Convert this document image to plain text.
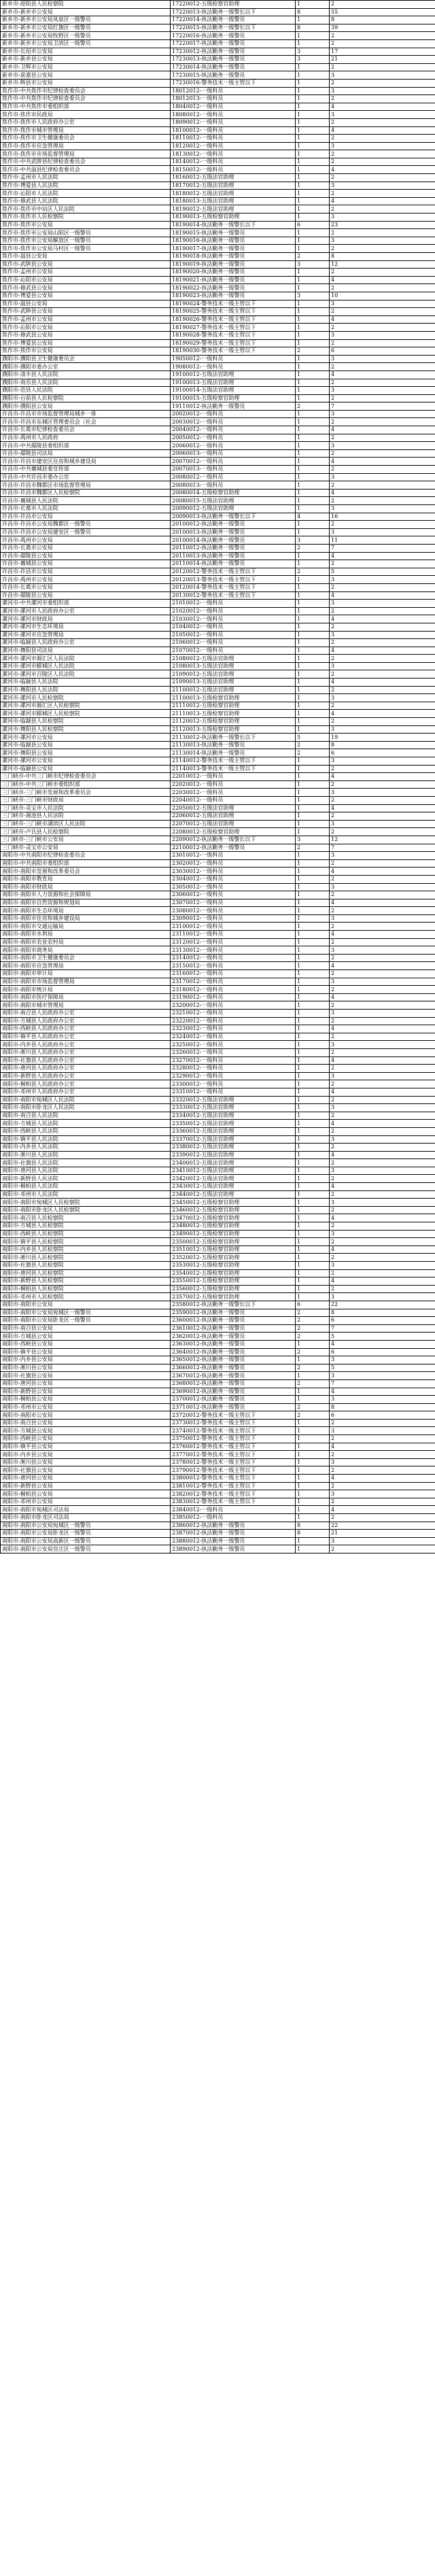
新乡市-原阳县人民检察院	17220012-五级检察官助理	1	2
新乡市-新乡市公安局	17220013-执法勤务一级警长以下	8	55
新乡市-新乡市公安局凤泉区一级警员	17220014-执法勤务一级警员	1	8
新乡市-新乡市公安局红旗区一级警员	17220015-执法勤务一级警长以下	8	39
新乡市-新乡市公安局牧野区一级警员	17220016-执法勤务一级警员	1	2
新乡市-新乡市公安局卫滨区一级警员	17220017-执法勤务一级警员	1	2
新乡市-长垣市公安局	17230012-执法勤务一级警员	3	17
新乡市-新乡县公安局	17230013-执法勤务一级警员	3	21
新乡市-卫辉市公安局	17230014-执法勤务一级警员	1	2
新乡市-获嘉县公安局	17230015-执法勤务一级警员	1	3
新乡市-辉县市公安局	17230016-警务技术一级主管以下	1	2
焦作市-中共焦作市纪律检查委员会	18012012-一级科员	1	3
焦作市-中共焦作市纪律检查委员会	18012013-一级科员	1	2
焦作市-中共焦作市委组织部	18040012-一级科员	1	4
焦作市-焦作市民政局	18080012-一级科员	1	3
焦作市-焦作市人民政府办公室	18090012-一级科员	1	2
焦作市-焦作市城市管理局	18100012-一级科员	1	4
焦作市-焦作市卫生健康委员会	18110012-一级科员	1	2
焦作市-焦作市应急管理局	18120012-一级科员	1	3
焦作市-焦作市市场监督管理局	18130012-一级科员	1	2
焦作市-中共武陟县纪律检查委员会	18140012-一级科员	1	2
焦作市-中共温县纪律检查委员会	18150012-一级科员	1	4
焦作市-孟州市人民法院	18160012-五级法官助理	1	2
焦作市-博爱县人民法院	18170012-五级法官助理	1	3
焦作市-沁阳市人民法院	18180012-五级法官助理	1	2
焦作市-修武县人民法院	18180013-五级法官助理	1	4
焦作市-焦作市中站区人民法院	18190012-五级法官助理	1	2
焦作市-焦作市人民检察院	18190013-五级检察官助理	1	3
焦作市-焦作市公安局	18190014-执法勤务一级警长以下	6	23
焦作市-焦作市公安局山阳区一级警员	18190015-执法勤务一级警员	1	2
焦作市-焦作市公安局解放区一级警员	18190016-执法勤务一级警员	1	3
焦作市-焦作市公安局马村区一级警员	18190017-执法勤务一级警员	1	2
焦作市-温县公安局	18190018-执法勤务一级警员	2	8
焦作市-武陟县公安局	18190019-执法勤务一级警员	3	12
焦作市-孟州市公安局	18190020-执法勤务一级警员	1	2
焦作市-沁阳市公安局	18190021-执法勤务一级警员	1	4
焦作市-修武县公安局	18190022-执法勤务一级警员	1	2
焦作市-博爱县公安局	18190023-执法勤务一级警员	3	10
焦作市-温县公安局	18190024-警务技术一级主管以下	1	3
焦作市-武陟县公安局	18190025-警务技术一级主管以下	1	2
焦作市-孟州市公安局	18190026-警务技术一级主管以下	1	4
焦作市-沁阳市公安局	18190027-警务技术一级主管以下	1	2
焦作市-修武县公安局	18190028-警务技术一级主管以下	1	3
焦作市-博爱县公安局	18190029-警务技术一级主管以下	1	2
焦作市-焦作市公安局	18190030-警务技术一级主管以下	2	6
濮阳市-濮阳县卫生健康委员会	19050012-一级科员	1	3
濮阳市-濮阳市委办公室	19080012-一级科员	1	2
濮阳市-清丰县人民法院	19100012-五级法官助理	1	4
濮阳市-南乐县人民法院	19100013-五级法官助理	1	2
濮阳市-范县人民法院	19100014-五级法官助理	1	3
濮阳市-台前县人民检察院	19100015-五级检察官助理	1	2
濮阳市-濮阳县公安局	19110012-执法勤务一级警员	2	7
许昌市-许昌市市场监督管理局城乡一体	20020012-一级科员	1	3
许昌市-许昌市东城区管理委员会（社会	20030012-一级科员	1	2
许昌市-长葛市纪律检查委员会	20040012-一级科员	1	4
许昌市-禹州市人民政府	20050012-一级科员	1	2
许昌市-中共鄢陵县委组织部	20060012-一级科员	1	3
许昌市-鄢陵县司法局	20060013-一级科员	1	2
许昌市-许昌市建安区住房和城乡建设局	20070012-一级科员	1	4
许昌市-中共襄城县委宣传部	20070013-一级科员	1	2
许昌市-中共许昌市委办公室	20080012-一级科员	1	3
许昌市-许昌市魏都区市场监督管理局	20080013-一级科员	1	2
许昌市-许昌市魏都区人民检察院	20080014-五级检察官助理	1	4
许昌市-襄城县人民法院	20080015-五级法官助理	1	2
许昌市-长葛市人民法院	20090012-五级法官助理	1	3
许昌市-许昌市公安局	20090013-执法勤务一级警长以下	4	16
许昌市-许昌市公安局魏都区一级警员	20100012-执法勤务一级警员	1	2
许昌市-许昌市公安局建安区一级警员	20100013-执法勤务一级警员	1	3
许昌市-禹州市公安局	20100014-执法勤务一级警员	3	11
许昌市-长葛市公安局	20110012-执法勤务一级警员	2	7
许昌市-鄢陵县公安局	20110013-执法勤务一级警员	1	4
许昌市-襄城县公安局	20110014-执法勤务一级警员	1	2
许昌市-许昌市公安局	20120012-警务技术一级主管以下	2	5
许昌市-禹州市公安局	20120013-警务技术一级主管以下	1	3
许昌市-长葛市公安局	20120014-警务技术一级主管以下	1	2
许昌市-鄢陵县公安局	20130012-警务技术一级主管以下	1	4
漯河市-中共漯河市委组织部	21010012-一级科员	1	3
漯河市-漯河市人民政府办公室	21020012-一级科员	1	2
漯河市-漯河市财政局	21030012-一级科员	1	4
漯河市-漯河市生态环境局	21040012-一级科员	1	2
漯河市-漯河市应急管理局	21050012-一级科员	1	3
漯河市-临颍县人民政府办公室	21060012-一级科员	1	2
漯河市-舞阳县司法局	21070012-一级科员	1	4
漯河市-漯河市源汇区人民法院	21080012-五级法官助理	1	2
漯河市-漯河市郾城区人民法院	21080013-五级法官助理	1	3
漯河市-漯河市召陵区人民法院	21090012-五级法官助理	1	2
漯河市-临颍县人民法院	21090013-五级法官助理	1	4
漯河市-舞阳县人民法院	21100012-五级法官助理	1	2
漯河市-漯河市人民检察院	21100013-五级检察官助理	1	3
漯河市-漯河市源汇区人民检察院	21110012-五级检察官助理	1	2
漯河市-漯河市郾城区人民检察院	21110013-五级检察官助理	1	4
漯河市-临颍县人民检察院	21120012-五级检察官助理	1	2
漯河市-舞阳县人民检察院	21120013-五级检察官助理	1	3
漯河市-漯河市公安局	21130012-执法勤务一级警长以下	5	19
漯河市-临颍县公安局	21130013-执法勤务一级警员	2	8
漯河市-舞阳县公安局	21130014-执法勤务一级警员	2	6
漯河市-漯河市公安局	21140012-警务技术一级主管以下	1	3
漯河市-临颍县公安局	21140013-警务技术一级主管以下	1	2
三门峡市-中共三门峡市纪律检查委员会	22010012-一级科员	1	4
三门峡市-中共三门峡市委组织部	22020012-一级科员	1	2
三门峡市-三门峡市发展和改革委员会	22030012-一级科员	1	3
三门峡市-三门峡市财政局	22040012-一级科员	1	2
三门峡市-灵宝市人民法院	22050012-五级法官助理	1	4
三门峡市-渑池县人民法院	22060012-五级法官助理	1	2
三门峡市-三门峡市湖滨区人民法院	22070012-五级法官助理	1	3
三门峡市-卢氏县人民检察院	22080012-五级检察官助理	1	2
三门峡市-三门峡市公安局	22090012-执法勤务一级警长以下	3	12
三门峡市-灵宝市公安局	22100012-执法勤务一级警员	2	7
南阳市-中共南阳市纪律检查委员会	23010012-一级科员	1	3
南阳市-中共南阳市委组织部	23020012-一级科员	1	2
南阳市-南阳市发展和改革委员会	23030012-一级科员	1	4
南阳市-南阳市教育局	23040012-一级科员	1	2
南阳市-南阳市财政局	23050012-一级科员	1	3
南阳市-南阳市人力资源和社会保障局	23060012-一级科员	1	2
南阳市-南阳市自然资源和规划局	23070012-一级科员	1	4
南阳市-南阳市生态环境局	23080012-一级科员	1	2
南阳市-南阳市住房和城乡建设局	23090012-一级科员	1	3
南阳市-南阳市交通运输局	23100012-一级科员	1	2
南阳市-南阳市水利局	23110012-一级科员	1	4
南阳市-南阳市农业农村局	23120012-一级科员	1	2
南阳市-南阳市商务局	23130012-一级科员	1	3
南阳市-南阳市卫生健康委员会	23140012-一级科员	1	2
南阳市-南阳市应急管理局	23150012-一级科员	1	4
南阳市-南阳市审计局	23160012-一级科员	1	2
南阳市-南阳市市场监督管理局	23170012-一级科员	1	3
南阳市-南阳市统计局	23180012-一级科员	1	2
南阳市-南阳市医疗保障局	23190012-一级科员	1	4
南阳市-南阳市城市管理局	23200012-一级科员	1	2
南阳市-南召县人民政府办公室	23210012-一级科员	1	3
南阳市-方城县人民政府办公室	23220012-一级科员	1	2
南阳市-西峡县人民政府办公室	23230012-一级科员	1	4
南阳市-镇平县人民政府办公室	23240012-一级科员	1	2
南阳市-内乡县人民政府办公室	23250012-一级科员	1	3
南阳市-淅川县人民政府办公室	23260012-一级科员	1	2
南阳市-社旗县人民政府办公室	23270012-一级科员	1	4
南阳市-唐河县人民政府办公室	23280012-一级科员	1	2
南阳市-新野县人民政府办公室	23290012-一级科员	1	3
南阳市-桐柏县人民政府办公室	23300012-一级科员	1	2
南阳市-邓州市人民政府办公室	23310012-一级科员	1	4
南阳市-南阳市宛城区人民法院	23320012-五级法官助理	1	2
南阳市-南阳市卧龙区人民法院	23330012-五级法官助理	1	3
南阳市-南召县人民法院	23340012-五级法官助理	1	2
南阳市-方城县人民法院	23350012-五级法官助理	1	4
南阳市-西峡县人民法院	23360012-五级法官助理	1	2
南阳市-镇平县人民法院	23370012-五级法官助理	1	3
南阳市-内乡县人民法院	23380012-五级法官助理	1	2
南阳市-淅川县人民法院	23390012-五级法官助理	1	4
南阳市-社旗县人民法院	23400012-五级法官助理	1	2
南阳市-唐河县人民法院	23410012-五级法官助理	1	3
南阳市-新野县人民法院	23420012-五级法官助理	1	2
南阳市-桐柏县人民法院	23430012-五级法官助理	1	4
南阳市-邓州市人民法院	23440012-五级法官助理	1	2
南阳市-南阳市宛城区人民检察院	23450012-五级检察官助理	1	3
南阳市-南阳市卧龙区人民检察院	23460012-五级检察官助理	1	2
南阳市-南召县人民检察院	23470012-五级检察官助理	1	4
南阳市-方城县人民检察院	23480012-五级检察官助理	1	2
南阳市-西峡县人民检察院	23490012-五级检察官助理	1	3
南阳市-镇平县人民检察院	23500012-五级检察官助理	1	2
南阳市-内乡县人民检察院	23510012-五级检察官助理	1	4
南阳市-淅川县人民检察院	23520012-五级检察官助理	1	2
南阳市-社旗县人民检察院	23530012-五级检察官助理	1	3
南阳市-唐河县人民检察院	23540012-五级检察官助理	1	2
南阳市-新野县人民检察院	23550012-五级检察官助理	1	4
南阳市-桐柏县人民检察院	23560012-五级检察官助理	1	2
南阳市-邓州市人民检察院	23570012-五级检察官助理	1	3
南阳市-南阳市公安局	23580012-执法勤务一级警长以下	6	22
南阳市-南阳市公安局宛城区一级警员	23590012-执法勤务一级警员	2	8
南阳市-南阳市公安局卧龙区一级警员	23600012-执法勤务一级警员	2	6
南阳市-南召县公安局	23610012-执法勤务一级警员	2	7
南阳市-方城县公安局	23620012-执法勤务一级警员	2	5
南阳市-西峡县公安局	23630012-执法勤务一级警员	1	4
南阳市-镇平县公安局	23640012-执法勤务一级警员	2	6
南阳市-内乡县公安局	23650012-执法勤务一级警员	1	3
南阳市-淅川县公安局	23660012-执法勤务一级警员	2	5
南阳市-社旗县公安局	23670012-执法勤务一级警员	1	3
南阳市-唐河县公安局	23680012-执法勤务一级警员	2	7
南阳市-新野县公安局	23690012-执法勤务一级警员	1	4
南阳市-桐柏县公安局	23700012-执法勤务一级警员	1	3
南阳市-邓州市公安局	23710012-执法勤务一级警员	2	8
南阳市-南阳市公安局	23720012-警务技术一级主管以下	2	6
南阳市-南召县公安局	23730012-警务技术一级主管以下	1	2
南阳市-方城县公安局	23740012-警务技术一级主管以下	1	3
南阳市-西峡县公安局	23750012-警务技术一级主管以下	1	2
南阳市-镇平县公安局	23760012-警务技术一级主管以下	1	4
南阳市-内乡县公安局	23770012-警务技术一级主管以下	1	2
南阳市-淅川县公安局	23780012-警务技术一级主管以下	1	3
南阳市-社旗县公安局	23790012-警务技术一级主管以下	1	2
南阳市-唐河县公安局	23800012-警务技术一级主管以下	1	4
南阳市-新野县公安局	23810012-警务技术一级主管以下	1	2
南阳市-桐柏县公安局	23820012-警务技术一级主管以下	1	3
南阳市-邓州市公安局	23830012-警务技术一级主管以下	1	2
南阳市-南阳市宛城区司法局	23840012-一级科员	1	4
南阳市-南阳市卧龙区司法局	23850012-一级科员	1	2
南阳市-南阳市公安局宛城区一级警员	23860012-执法勤务一级警员	8	22
南阳市-南阳市公安局卧龙区一级警员	23870012-执法勤务一级警员	8	21
南阳市-南阳市公安局高新区一级警员	23880012-执法勤务一级警员	1	3
南阳市-南阳市公安局官庄区一级警员	23890012-执法勤务一级警员	1	2
